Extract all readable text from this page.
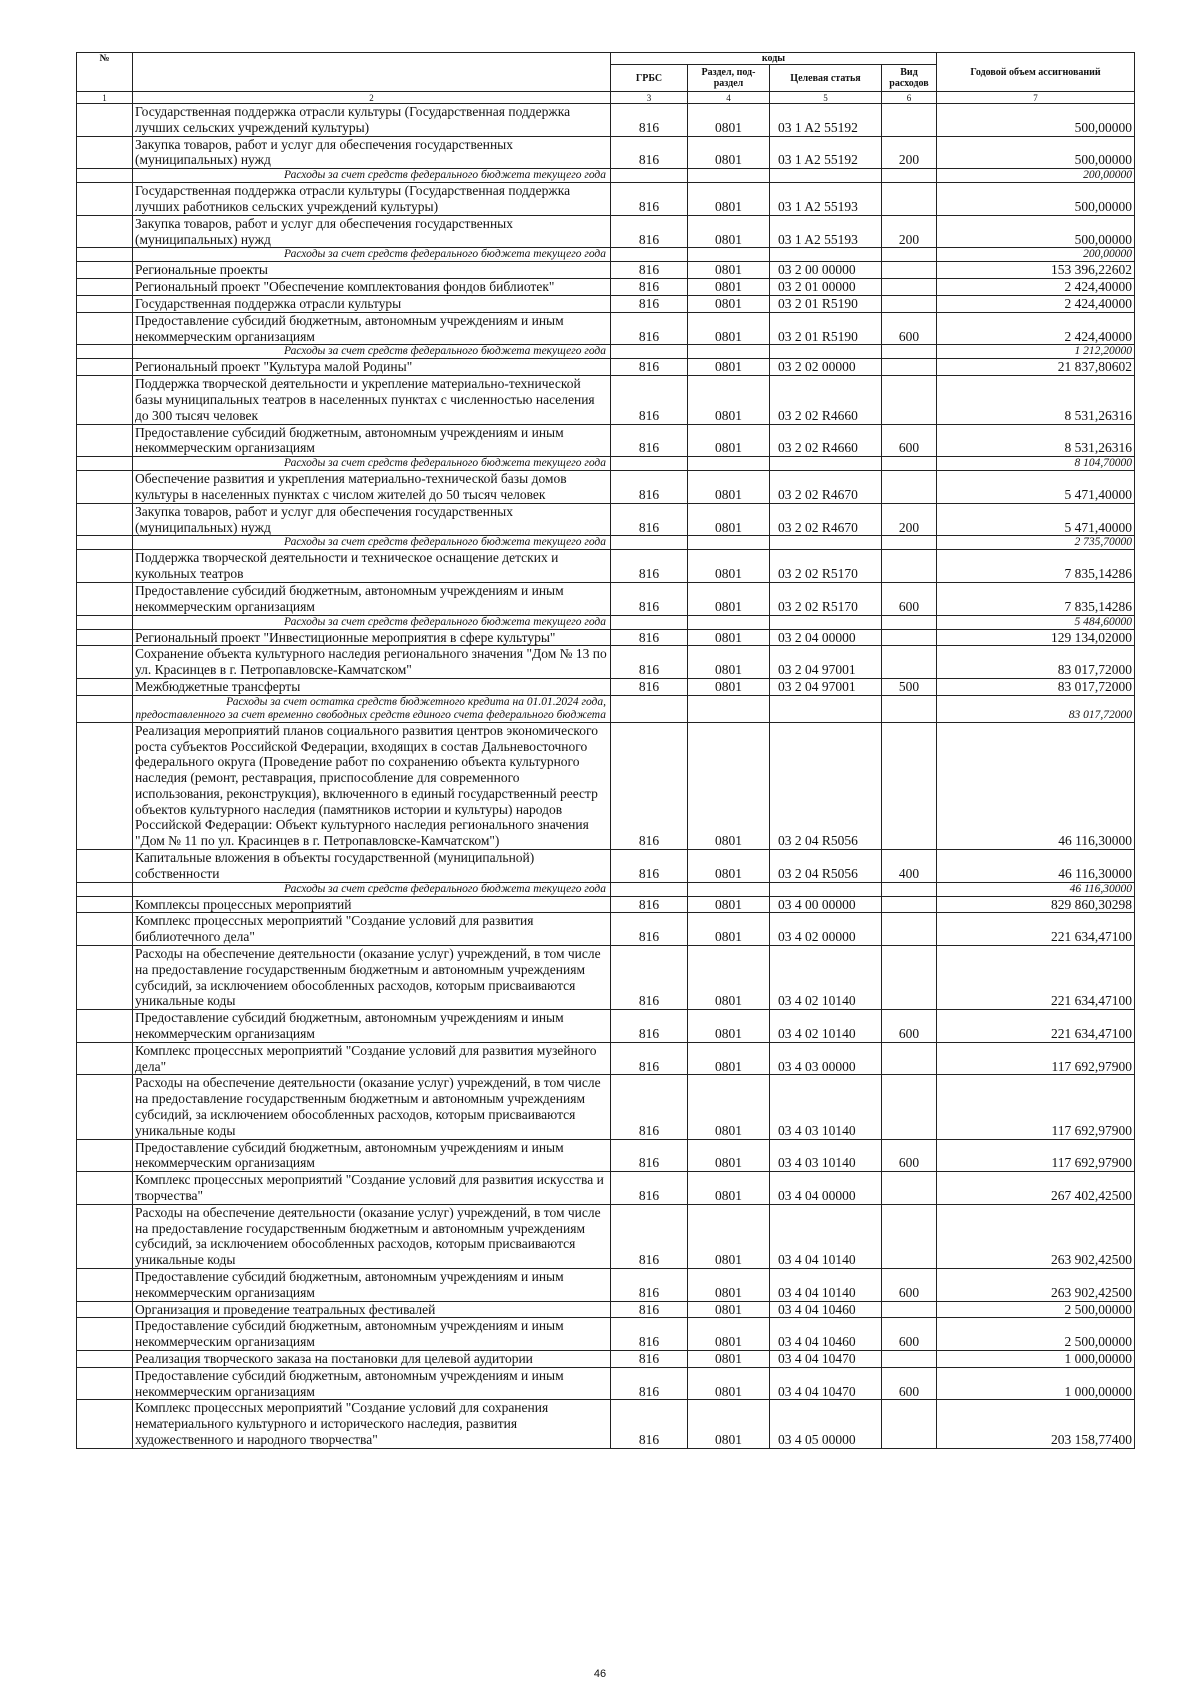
№		коды				Годовой объем ассигнований
		ГРБС	Раздел, под-раздел	Целевая статья	Вид расходов	
1	2	3	4	5	6	7
	Государственная поддержка отрасли культуры (Государственная поддержка лучших сельских учреждений культуры)	816	0801	03 1 A2 55192		500,00000
	Закупка товаров, работ и услуг для обеспечения государственных (муниципальных) нужд	816	0801	03 1 A2 55192	200	500,00000
	Расходы за счет средств федерального бюджета текущего года					200,00000
	Государственная поддержка отрасли культуры (Государственная поддержка лучших работников сельских учреждений культуры)	816	0801	03 1 A2 55193		500,00000
	Закупка товаров, работ и услуг для обеспечения государственных (муниципальных) нужд	816	0801	03 1 A2 55193	200	500,00000
	Расходы за счет средств федерального бюджета текущего года					200,00000
	Региональные проекты	816	0801	03 2 00 00000		153 396,22602
	Региональный проект "Обеспечение комплектования фондов библиотек"	816	0801	03 2 01 00000		2 424,40000
	Государственная поддержка отрасли культуры	816	0801	03 2 01 R5190		2 424,40000
	Предоставление субсидий бюджетным, автономным учреждениям и иным некоммерческим организациям	816	0801	03 2 01 R5190	600	2 424,40000
	Расходы за счет средств федерального бюджета текущего года					1 212,20000
	Региональный проект "Культура малой Родины"	816	0801	03 2 02 00000		21 837,80602
	Поддержка творческой деятельности и укрепление материально-технической базы муниципальных театров в населенных пунктах с численностью населения до 300 тысяч человек	816	0801	03 2 02 R4660		8 531,26316
	Предоставление субсидий бюджетным, автономным учреждениям и иным некоммерческим организациям	816	0801	03 2 02 R4660	600	8 531,26316
	Расходы за счет средств федерального бюджета текущего года					8 104,70000
	Обеспечение развития и укрепления материально-технической базы домов культуры в населенных пунктах с числом жителей до 50 тысяч человек	816	0801	03 2 02 R4670		5 471,40000
	Закупка товаров, работ и услуг для обеспечения государственных (муниципальных) нужд	816	0801	03 2 02 R4670	200	5 471,40000
	Расходы за счет средств федерального бюджета текущего года					2 735,70000
	Поддержка творческой деятельности и техническое оснащение детских и кукольных театров	816	0801	03 2 02 R5170		7 835,14286
	Предоставление субсидий бюджетным, автономным учреждениям и иным некоммерческим организациям	816	0801	03 2 02 R5170	600	7 835,14286
	Расходы за счет средств федерального бюджета текущего года					5 484,60000
	Региональный проект "Инвестиционные мероприятия в сфере культуры"	816	0801	03 2 04 00000		129 134,02000
	Сохранение объекта культурного наследия регионального значения "Дом № 13 по ул. Красинцев в г. Петропавловске-Камчатском"	816	0801	03 2 04 97001		83 017,72000
	Межбюджетные трансферты	816	0801	03 2 04 97001	500	83 017,72000
	Расходы за счет остатка средств бюджетного кредита на 01.01.2024 года, предоставленного за счет временно свободных средств единого счета федерального бюджета					83 017,72000
	Реализация мероприятий планов социального развития центров экономического роста субъектов Российской Федерации, входящих в состав Дальневосточного федерального округа (Проведение работ по сохранению объекта культурного наследия (ремонт, реставрация, приспособление для современного использования, реконструкция), включенного в единый государственный реестр объектов культурного наследия (памятников истории и культуры) народов Российской Федерации: Объект культурного наследия регионального значения "Дом № 11 по ул. Красинцев в г. Петропавловске-Камчатском")	816	0801	03 2 04 R5056		46 116,30000
	Капитальные вложения в объекты государственной (муниципальной) собственности	816	0801	03 2 04 R5056	400	46 116,30000
	Расходы за счет средств федерального бюджета текущего года					46 116,30000
	Комплексы процессных мероприятий	816	0801	03 4 00 00000		829 860,30298
	Комплекс процессных мероприятий "Создание условий для развития библиотечного дела"	816	0801	03 4 02 00000		221 634,47100
	Расходы на обеспечение деятельности (оказание услуг) учреждений, в том числе на предоставление государственным бюджетным и автономным учреждениям субсидий, за исключением обособленных расходов, которым присваиваются уникальные коды	816	0801	03 4 02 10140		221 634,47100
	Предоставление субсидий бюджетным, автономным учреждениям и иным некоммерческим организациям	816	0801	03 4 02 10140	600	221 634,47100
	Комплекс процессных мероприятий "Создание условий для развития музейного дела"	816	0801	03 4 03 00000		117 692,97900
	Расходы на обеспечение деятельности (оказание услуг) учреждений, в том числе на предоставление государственным бюджетным и автономным учреждениям субсидий, за исключением обособленных расходов, которым присваиваются уникальные коды	816	0801	03 4 03 10140		117 692,97900
	Предоставление субсидий бюджетным, автономным учреждениям и иным некоммерческим организациям	816	0801	03 4 03 10140	600	117 692,97900
	Комплекс процессных мероприятий "Создание условий для развития искусства и творчества"	816	0801	03 4 04 00000		267 402,42500
	Расходы на обеспечение деятельности (оказание услуг) учреждений, в том числе на предоставление государственным бюджетным и автономным учреждениям субсидий, за исключением обособленных расходов, которым присваиваются уникальные коды	816	0801	03 4 04 10140		263 902,42500
	Предоставление субсидий бюджетным, автономным учреждениям и иным некоммерческим организациям	816	0801	03 4 04 10140	600	263 902,42500
	Организация и проведение театральных фестивалей	816	0801	03 4 04 10460		2 500,00000
	Предоставление субсидий бюджетным, автономным учреждениям и иным некоммерческим организациям	816	0801	03 4 04 10460	600	2 500,00000
	Реализация творческого заказа на постановки для целевой аудитории	816	0801	03 4 04 10470		1 000,00000
	Предоставление субсидий бюджетным, автономным учреждениям и иным некоммерческим организациям	816	0801	03 4 04 10470	600	1 000,00000
	Комплекс процессных мероприятий "Создание условий для сохранения нематериального культурного и исторического наследия, развития художественного и народного творчества"	816	0801	03 4 05 00000		203 158,77400
46
